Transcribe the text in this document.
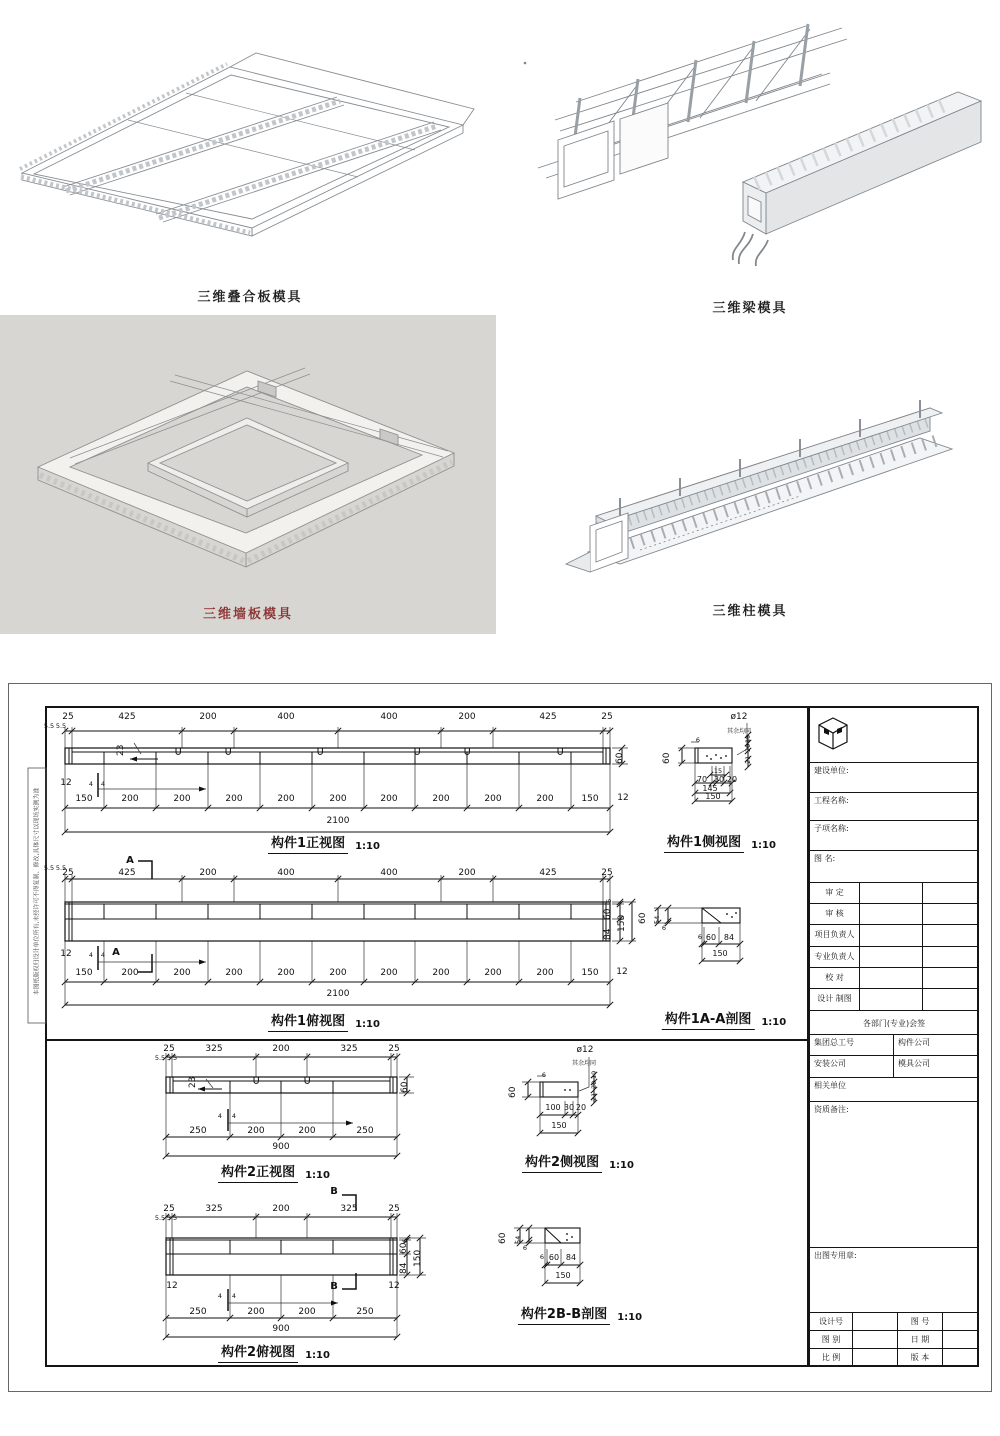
三维叠合板模具
三维梁模具
三维墙板模具	三维柱模具
本图纸版权归设计单位所有,未经许可不得复制、修改,具体尺寸以现场实测为准
25	425	200	400	400	200	425	25
5.5 5.5
23
60
12	4 4
150	200	200	200	200	200	200	200	200	200	150 12
2100
构件1正视图	1:10
5.5 5.5
A
25	425	200	400	400	200	425	25
6
60
84
150
12	4 4 A
150	200	200	200	200	200	200	200	200	200	150 12
2100
构件1俯视图	1:10
ø12
其余均同
6
60
19
20
21
15
70 30 20
145
150
构件1侧视图	1:10
60 54
6
6 60 84
150
构件1A-A剖图	1:10
25	325	200	325	25
5.5 5.5
23	60
4 4
250	200	200	250
900
构件2正视图	1:10
ø12
其余均同
6
60
19
20
21
100 30 20
150
构件2侧视图	1:10
B
25	325	200	325	25
5.5 5.5
6
60
84
150
12	B	12
4 4
250	200	200	250
900
构件2俯视图	1:10
60 54
6
6 60 84
150
构件2B-B剖图	1:10
建设单位:
工程名称:
子项名称:
图 名:
审 定
审 核
项目负责人
专业负责人
校 对
设计 制图
各部门(专业)会签
集团总工号	构件公司
安装公司	模具公司
相关单位
资质备注:
出图专用章:
设计号	图 号
图 别	日 期
比 例	版 本
